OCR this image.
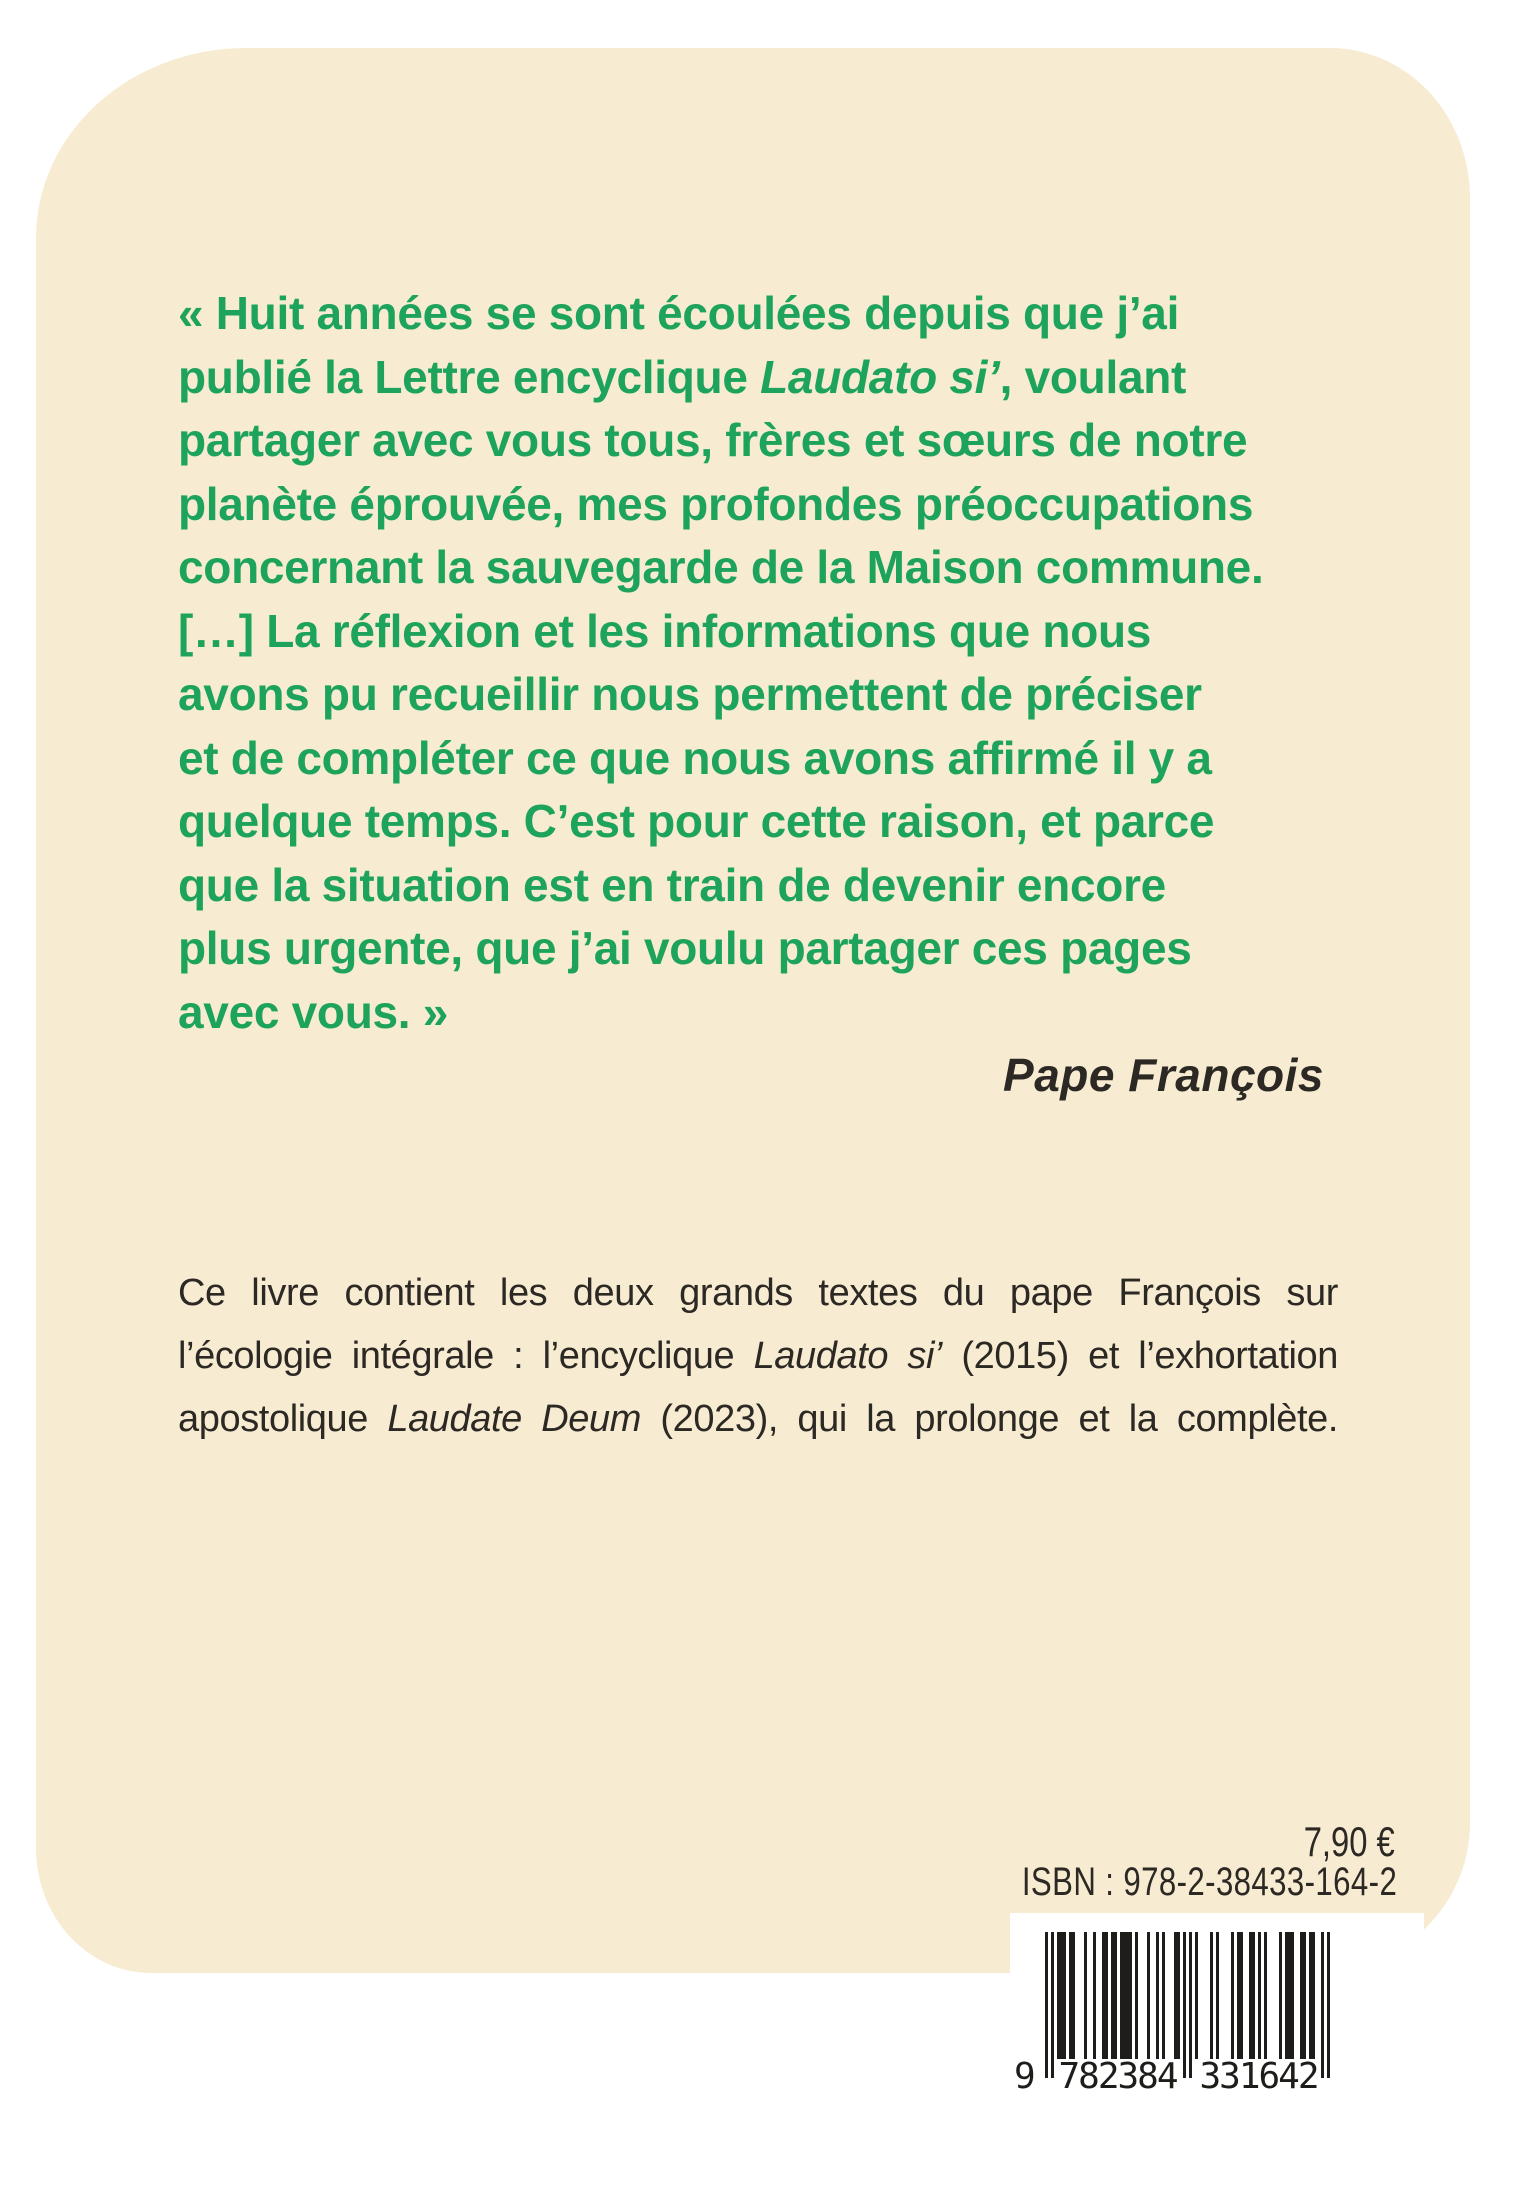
« Huit années se sont écoulées depuis que j’ai

publié la Lettre encyclique Laudato si’, voulant

partager avec vous tous, frères et sœurs de notre

planète éprouvée, mes profondes préoccupations

concernant la sauvegarde de la Maison commune.

[…] La réflexion et les informations que nous

avons pu recueillir nous permettent de préciser

et de compléter ce que nous avons affirmé il y a

quelque temps. C’est pour cette raison, et parce

que la situation est en train de devenir encore

plus urgente, que j’ai voulu partager ces pages

avec vous. »

Pape François

Ce livre contient les deux grands textes du pape François sur

l’écologie intégrale : l’encyclique Laudato si’ (2015) et l’exhortation

apostolique Laudate Deum (2023), qui la prolonge et la complète.

7,90 €
ISBN : 978-2-38433-164-2
9 782384 331642
